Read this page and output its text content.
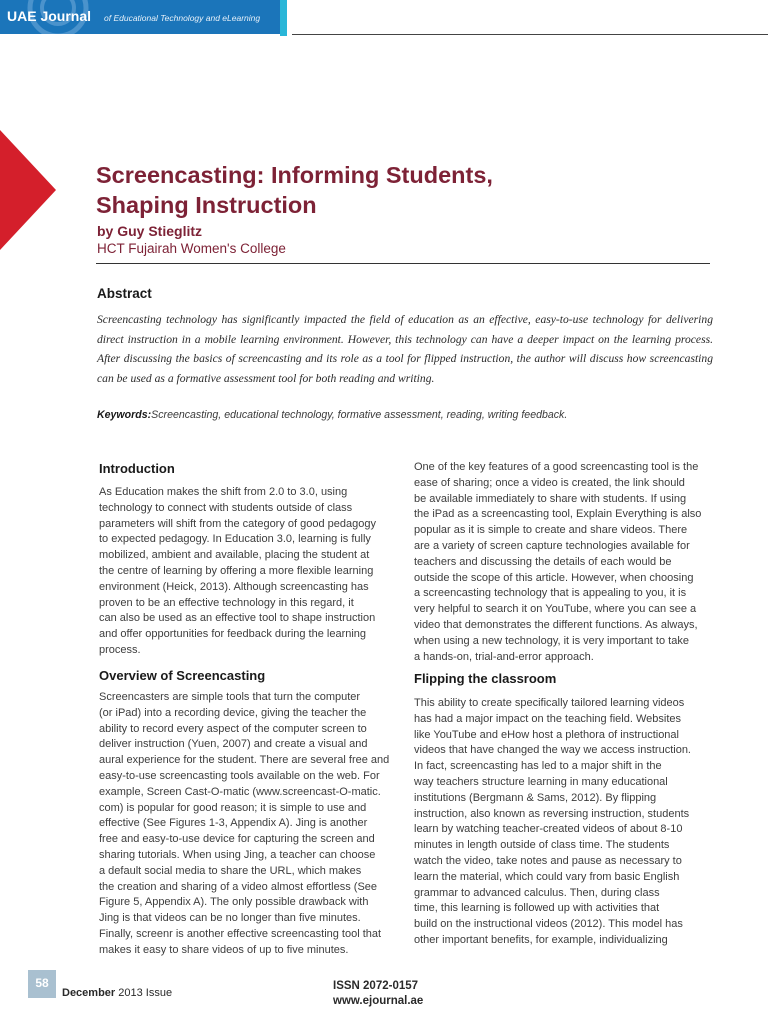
UAE Journal of Educational Technology and eLearning
Screencasting: Informing Students,
Shaping Instruction
by Guy Stieglitz
HCT Fujairah Women's College
Abstract
Screencasting technology has significantly impacted the field of education as an effective, easy-to-use technology for delivering direct instruction in a mobile learning environment. However, this technology can have a deeper impact on the learning process. After discussing the basics of screencasting and its role as a tool for flipped instruction, the author will discuss how screencasting can be used as a formative assessment tool for both reading and writing.
Keywords:Screencasting, educational technology, formative assessment, reading, writing feedback.
Introduction
As Education makes the shift from 2.0 to 3.0, using
technology to connect with students outside of class
parameters will shift from the category of good pedagogy
to expected pedagogy. In Education 3.0, learning is fully
mobilized, ambient and available, placing the student at
the centre of learning by offering a more flexible learning
environment (Heick, 2013). Although screencasting has
proven to be an effective technology in this regard, it
can also be used as an effective tool to shape instruction
and offer opportunities for feedback during the learning
process.
Overview of Screencasting
Screencasters are simple tools that turn the computer
(or iPad) into a recording device, giving the teacher the
ability to record every aspect of the computer screen to
deliver instruction (Yuen, 2007) and create a visual and
aural experience for the student. There are several free and
easy-to-use screencasting tools available on the web. For
example, Screen Cast-O-matic (www.screencast-O-matic.
com) is popular for good reason; it is simple to use and
effective (See Figures 1-3, Appendix A). Jing is another
free and easy-to-use device for capturing the screen and
sharing tutorials. When using Jing, a teacher can choose
a default social media to share the URL, which makes
the creation and sharing of a video almost effortless (See
Figure 5, Appendix A). The only possible drawback with
Jing is that videos can be no longer than five minutes.
Finally, screenr is another effective screencasting tool that
makes it easy to share videos of up to five minutes.
One of the key features of a good screencasting tool is the
ease of sharing; once a video is created, the link should
be available immediately to share with students. If using
the iPad as a screencasting tool, Explain Everything is also
popular as it is simple to create and share videos. There
are a variety of screen capture technologies available for
teachers and discussing the details of each would be
outside the scope of this article. However, when choosing
a screencasting technology that is appealing to you, it is
very helpful to search it on YouTube, where you can see a
video that demonstrates the different functions. As always,
when using a new technology, it is very important to take
a hands-on, trial-and-error approach.
Flipping the classroom
This ability to create specifically tailored learning videos
has had a major impact on the teaching field. Websites
like YouTube and eHow host a plethora of instructional
videos that have changed the way we access instruction.
In fact, screencasting has led to a major shift in the
way teachers structure learning in many educational
institutions (Bergmann & Sams, 2012). By flipping
instruction, also known as reversing instruction, students
learn by watching teacher-created videos of about 8-10
minutes in length outside of class time. The students
watch the video, take notes and pause as necessary to
learn the material, which could vary from basic English
grammar to advanced calculus. Then, during class
time, this learning is followed up with activities that
build on the instructional videos (2012). This model has
other important benefits, for example, individualizing
58
December 2013 Issue
ISSN 2072-0157
www.ejournal.ae
